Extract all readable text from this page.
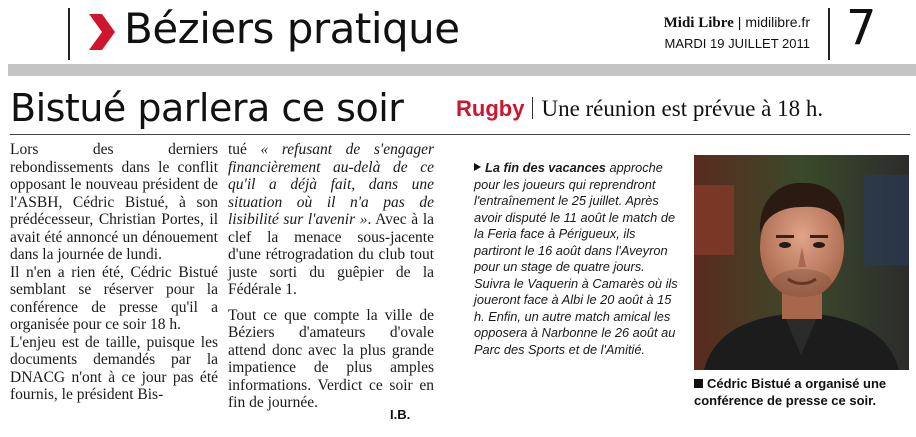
Béziers pratique	Midi Libre | midilibre.fr
MARDI 19 JUILLET 2011 7
Bistué parlera ce soir Rugby Une réunion est prévue à 18 h.

Lors des derniers rebondissements dans le conflit opposant le nouveau président de l'ASBH, Cédric Bistué, à son prédécesseur, Christian Portes, il avait été annoncé un dénouement dans la journée de lundi.

Il n'en a rien été, Cédric Bistué semblant se réserver pour la conférence de presse qu'il a organisée pour ce soir 18 h.

L'enjeu est de taille, puisque les documents demandés par la DNACG n'ont à ce jour pas été fournis, le président Bis-

tué « refusant de s'engager financièrement au-delà de ce qu'il a déjà fait, dans une situation où il n'a pas de lisibilité sur l'avenir ». Avec à la clef la menace sous-jacente d'une rétrogradation du club tout juste sorti du guêpier de la Fédérale 1.

Tout ce que compte la ville de Béziers d'amateurs d'ovale attend donc avec la plus grande impatience de plus amples informations. Verdict ce soir en fin de journée.

I.B.
La fin des vacances approche pour les joueurs qui reprendront l'entraînement le 25 juillet. Après avoir disputé le 11 août le match de la Feria face à Périgueux, ils partiront le 16 août dans l'Aveyron pour un stage de quatre jours. Suivra le Vaquerin à Camarès où ils joueront face à Albi le 20 août à 15 h. Enfin, un autre match amical les opposera à Narbonne le 26 août au Parc des Sports et de l'Amitié.
Cédric Bistué a organisé une conférence de presse ce soir.
